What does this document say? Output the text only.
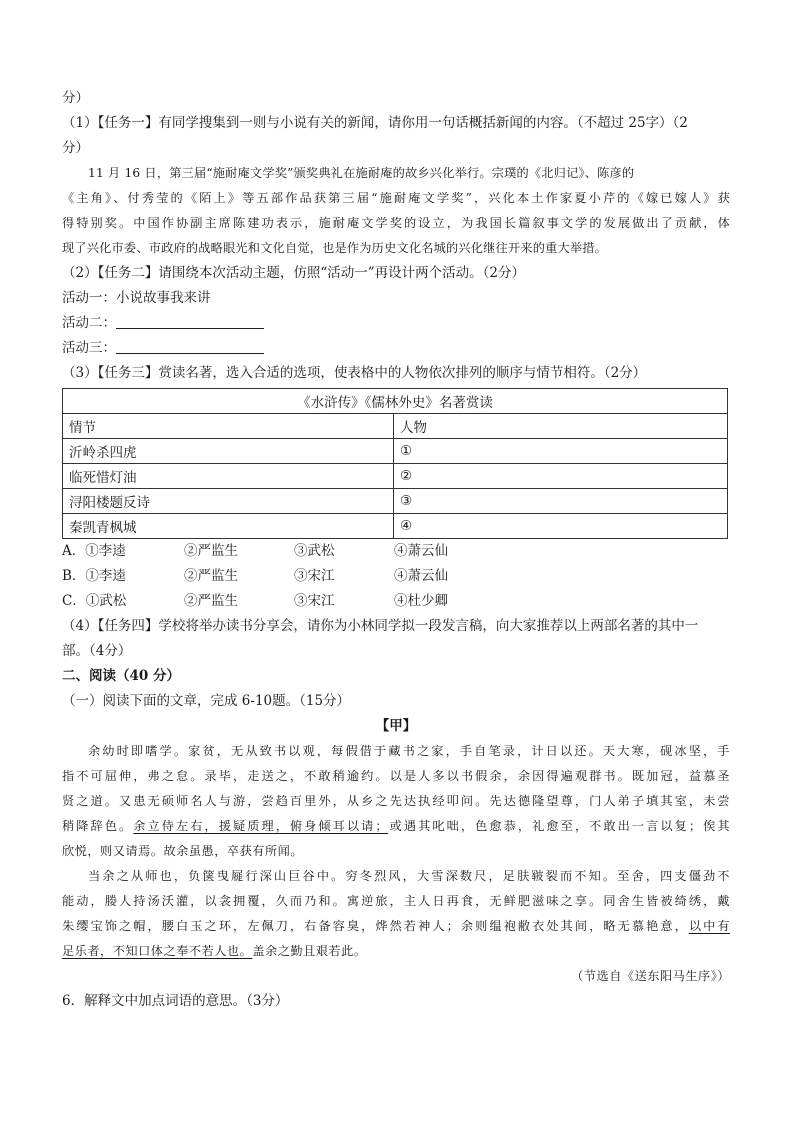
分）
（1）【任务一】有同学搜集到一则与小说有关的新闻，请你用一句话概括新闻的内容。（不超过 25字）（2
分）
11 月 16 日，第三届“施耐庵文学奖”颁奖典礼在施耐庵的故乡兴化举行。宗璞的《北归记》、陈彦的
《主角》、付秀莹的《陌上》等五部作品获第三届“施耐庵文学奖”，兴化本土作家夏小芹的《嫁已嫁人》获
得特别奖。中国作协副主席陈建功表示，施耐庵文学奖的设立，为我国长篇叙事文学的发展做出了贡献，体
现了兴化市委、市政府的战略眼光和文化自觉，也是作为历史文化名城的兴化继往开来的重大举措。
（2）【任务二】请围绕本次活动主题，仿照“活动一”再设计两个活动。（2分）
活动一：小说故事我来讲
活动二：
活动三：
（3）【任务三】赏读名著，选入合适的选项，使表格中的人物依次排列的顺序与情节相符。（2分）
《水浒传》《儒林外史》名著赏读	
情节	人物
沂岭杀四虎	①
临死惜灯油	②
浔阳楼题反诗	③
秦凯青枫城	④
A．①李逵	②严监生	③武松	④萧云仙
B．①李逵	②严监生	③宋江	④萧云仙
C．①武松	②严监生	③宋江	④杜少卿
（4）【任务四】学校将举办读书分享会，请你为小林同学拟一段发言稿，向大家推荐以上两部名著的其中一
部。（4分）
二、阅读（40 分）
（一）阅读下面的文章，完成 6-10题。（15分）
【甲】
余幼时即嗜学。家贫，无从致书以观，每假借于藏书之家，手自笔录，计日以还。天大寒，砚冰坚，手
指不可屈伸，弗之怠。录毕，走送之，不敢稍逾约。以是人多以书假余，余因得遍观群书。既加冠，益慕圣
贤之道。又患无硕师名人与游，尝趋百里外，从乡之先达执经叩问。先达德隆望尊，门人弟子填其室，未尝
稍降辞色。余立侍左右，援疑质理，俯身倾耳以请；或遇其叱咄，色愈恭，礼愈至，不敢出一言以复；俟其
欣悦，则又请焉。故余虽愚，卒获有所闻。
当余之从师也，负箧曳屣行深山巨谷中。穷冬烈风，大雪深数尺，足肤皲裂而不知。至舍，四支僵劲不
能动，媵人持汤沃灌，以衾拥覆，久而乃和。寓逆旅，主人日再食，无鲜肥滋味之享。同舍生皆被绮绣，戴
朱缨宝饰之帽，腰白玉之环，左佩刀，右备容臭，烨然若神人；余则缊袍敝衣处其间，略无慕艳意，以中有
足乐者，不知口体之奉不若人也。盖余之勤且艰若此。
（节选自《送东阳马生序》）
6．解释文中加点词语的意思。（3分）
